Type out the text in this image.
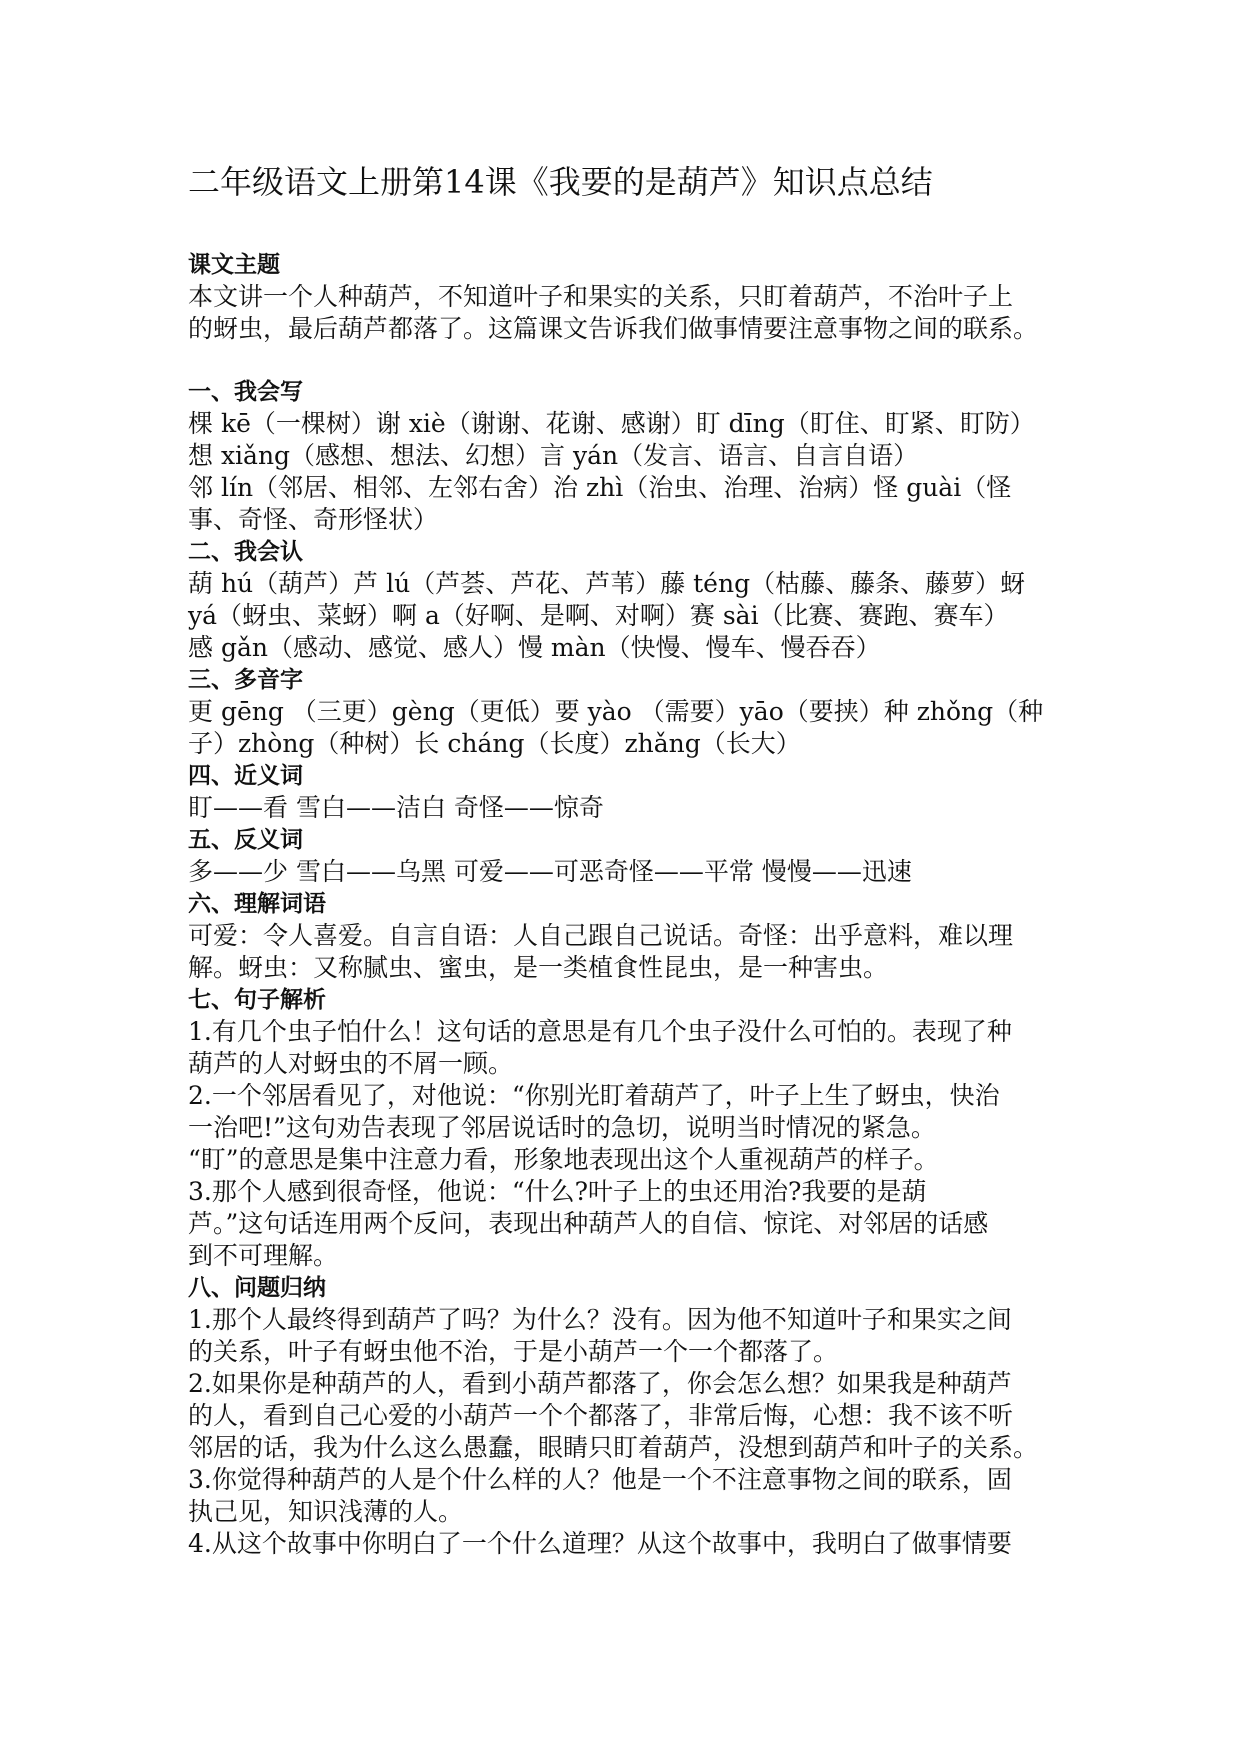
二年级语文上册第14课《我要的是葫芦》知识点总结
课文主题
本文讲一个人种葫芦，不知道叶子和果实的关系，只盯着葫芦，不治叶子上
的蚜虫，最后葫芦都落了。这篇课文告诉我们做事情要注意事物之间的联系。
一、我会写
棵 kē（一棵树）谢 xiè（谢谢、花谢、感谢）盯 dīng（盯住、盯紧、盯防）
想 xiǎng（感想、想法、幻想）言 yán（发言、语言、自言自语）
邻 lín（邻居、相邻、左邻右舍）治 zhì（治虫、治理、治病）怪 guài（怪
事、奇怪、奇形怪状）
二、我会认
葫 hú（葫芦）芦 lú（芦荟、芦花、芦苇）藤 téng（枯藤、藤条、藤萝）蚜
yá（蚜虫、菜蚜）啊 a（好啊、是啊、对啊）赛 sài（比赛、赛跑、赛车）
感 gǎn（感动、感觉、感人）慢 màn（快慢、慢车、慢吞吞）
三、多音字
更 gēng （三更）gèng（更低）要 yào （需要）yāo（要挟）种 zhǒng（种
子）zhòng（种树）长 cháng（长度）zhǎng（长大）
四、近义词
盯——看 雪白——洁白 奇怪——惊奇
五、反义词
多——少 雪白——乌黑 可爱——可恶奇怪——平常 慢慢——迅速
六、理解词语
可爱：令人喜爱。自言自语：人自己跟自己说话。奇怪：出乎意料，难以理
解。蚜虫：又称腻虫、蜜虫，是一类植食性昆虫，是一种害虫。
七、句子解析
1.有几个虫子怕什么！这句话的意思是有几个虫子没什么可怕的。表现了种
葫芦的人对蚜虫的不屑一顾。
2.一个邻居看见了，对他说：“你别光盯着葫芦了，叶子上生了蚜虫，快治
一治吧!”这句劝告表现了邻居说话时的急切，说明当时情况的紧急。
“盯”的意思是集中注意力看，形象地表现出这个人重视葫芦的样子。
3.那个人感到很奇怪，他说：“什么?叶子上的虫还用治?我要的是葫
芦。”这句话连用两个反问，表现出种葫芦人的自信、惊诧、对邻居的话感
到不可理解。
八、问题归纳
1.那个人最终得到葫芦了吗？为什么？没有。因为他不知道叶子和果实之间
的关系，叶子有蚜虫他不治，于是小葫芦一个一个都落了。
2.如果你是种葫芦的人，看到小葫芦都落了，你会怎么想？如果我是种葫芦
的人，看到自己心爱的小葫芦一个个都落了，非常后悔，心想：我不该不听
邻居的话，我为什么这么愚蠢，眼睛只盯着葫芦，没想到葫芦和叶子的关系。
3.你觉得种葫芦的人是个什么样的人？他是一个不注意事物之间的联系，固
执己见，知识浅薄的人。
4.从这个故事中你明白了一个什么道理？从这个故事中，我明白了做事情要
